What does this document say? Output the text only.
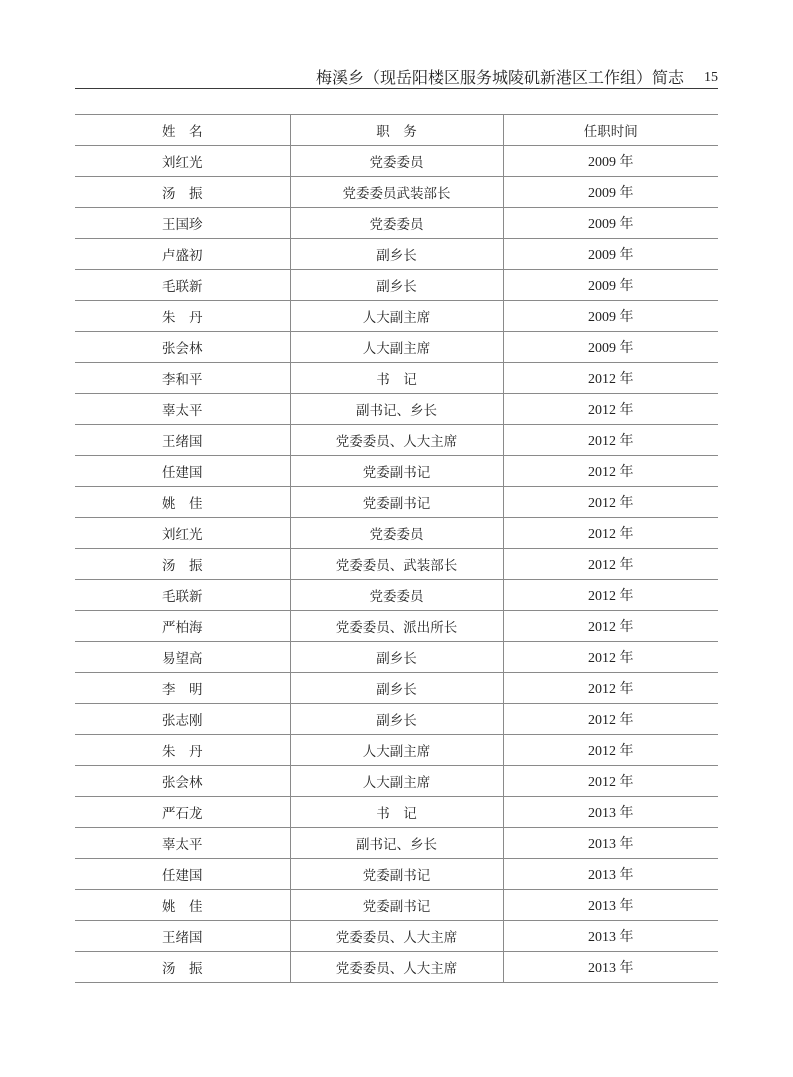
梅溪乡（现岳阳楼区服务城陵矶新港区工作组）简志 15
姓　名	职　务	任职时间
刘红光	党委委员	2009 年
汤　振	党委委员武装部长	2009 年
王国珍	党委委员	2009 年
卢盛初	副乡长	2009 年
毛联新	副乡长	2009 年
朱　丹	人大副主席	2009 年
张会林	人大副主席	2009 年
李和平	书　记	2012 年
辜太平	副书记、乡长	2012 年
王绪国	党委委员、人大主席	2012 年
任建国	党委副书记	2012 年
姚　佳	党委副书记	2012 年
刘红光	党委委员	2012 年
汤　振	党委委员、武装部长	2012 年
毛联新	党委委员	2012 年
严柏海	党委委员、派出所长	2012 年
易望高	副乡长	2012 年
李　明	副乡长	2012 年
张志刚	副乡长	2012 年
朱　丹	人大副主席	2012 年
张会林	人大副主席	2012 年
严石龙	书　记	2013 年
辜太平	副书记、乡长	2013 年
任建国	党委副书记	2013 年
姚　佳	党委副书记	2013 年
王绪国	党委委员、人大主席	2013 年
汤　振	党委委员、人大主席	2013 年
